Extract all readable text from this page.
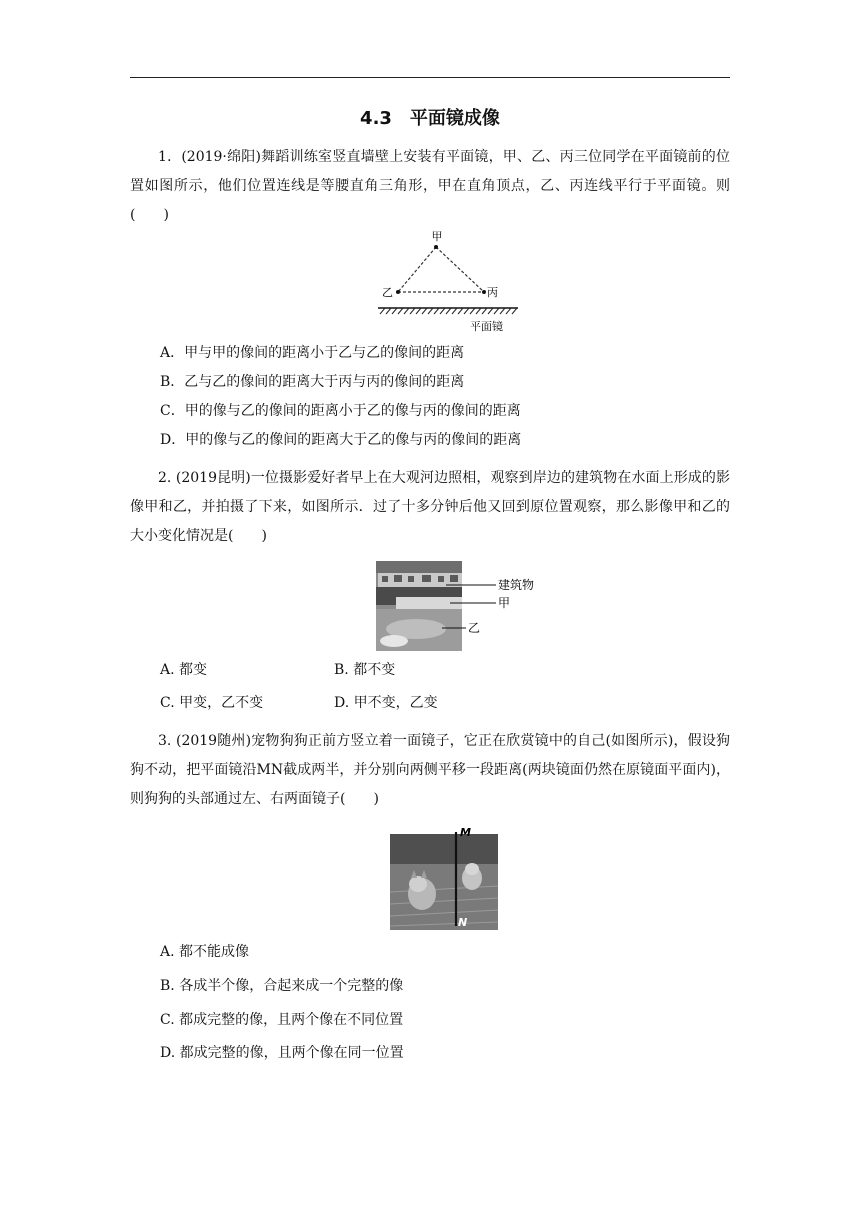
4.3　平面镜成像

1．(2019·绵阳)舞蹈训练室竖直墙壁上安装有平面镜，甲、乙、丙三位同学在平面镜前的位置如图所示，他们位置连线是等腰直角三角形，甲在直角顶点，乙、丙连线平行于平面镜。则(　　)

甲
乙	丙
平面镜
A．甲与甲的像间的距离小于乙与乙的像间的距离
B．乙与乙的像间的距离大于丙与丙的像间的距离
C．甲的像与乙的像间的距离小于乙的像与丙的像间的距离
D．甲的像与乙的像间的距离大于乙的像与丙的像间的距离

2. (2019昆明)一位摄影爱好者早上在大观河边照相，观察到岸边的建筑物在水面上形成的影像甲和乙，并拍摄了下来，如图所示．过了十多分钟后他又回到原位置观察，那么影像甲和乙的大小变化情况是(　　)

建筑物
甲
乙
A. 都变	B. 都不变
C. 甲变，乙不变	D. 甲不变，乙变

3. (2019随州)宠物狗狗正前方竖立着一面镜子，它正在欣赏镜中的自己(如图所示)，假设狗狗不动，把平面镜沿MN截成两半，并分别向两侧平移一段距离(两块镜面仍然在原镜面平面内)，则狗狗的头部通过左、右两面镜子(　　)

M
N
A. 都不能成像
B. 各成半个像，合起来成一个完整的像
C. 都成完整的像，且两个像在不同位置
D. 都成完整的像，且两个像在同一位置
